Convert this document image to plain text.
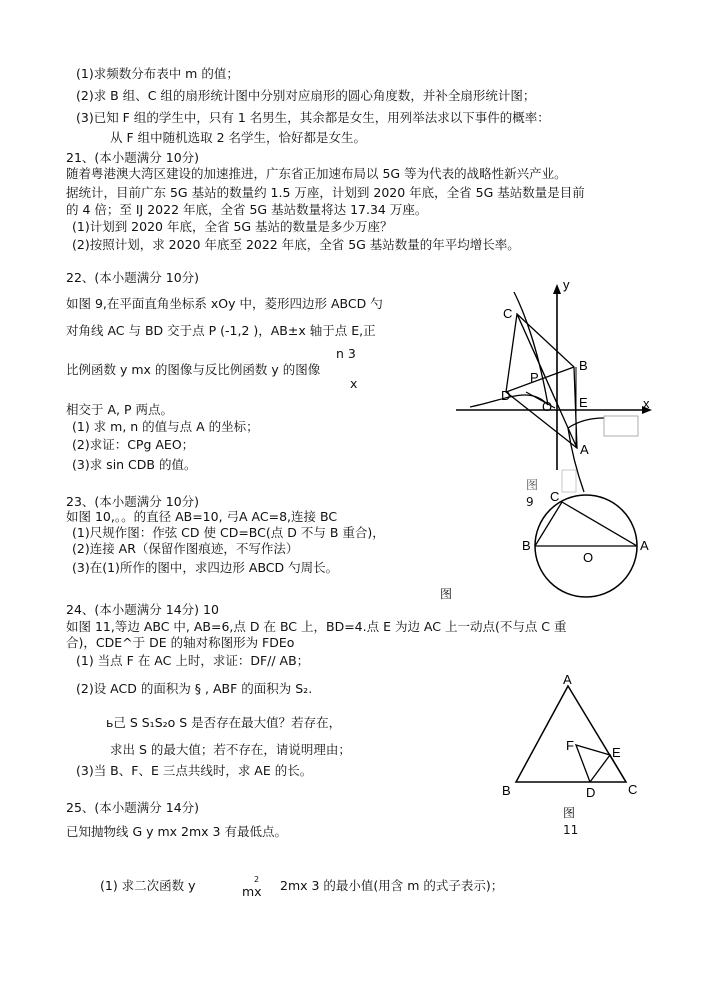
(1)求频数分布表中 m 的值；
(2)求 B 组、C 组的扇形统计图中分别对应扇形的圆心角度数，并补全扇形统计图；
(3)已知 F 组的学生中，只有 1 名男生，其余都是女生，用列举法求以下事件的概率：
从 F 组中随机选取 2 名学生，恰好都是女生。
21、(本小题满分 10分)
随着粤港澳大湾区建设的加速推进，广东省正加速布局以 5G 等为代表的战略性新兴产业。
据统计，目前广东 5G 基站的数量约 1.5 万座，计划到 2020 年底，全省 5G 基站数量是目前
的 4 倍；至 IJ 2022 年底，全省 5G 基站数量将达 17.34 万座。
(1)计划到 2020 年底，全省 5G 基站的数量是多少万座？
(2)按照计划，求 2020 年底至 2022 年底，全省 5G 基站数量的年平均增长率。
22、(本小题满分 10分)
如图 9,在平面直角坐标系 xOy 中，菱形四边形 ABCD 勺
对角线 AC 与 BD 交于点 P (-1,2 )，AB±x 轴于点 E,正
n 3
比例函数 y mx 的图像与反比例函数 y 的图像
x
相交于 A, P 两点。
(1) 求 m, n 的值与点 A 的坐标；
(2)求证：CPg AEO；
(3)求 sin CDB 的值。
y
x
C
B
P
D
O E
A
图
9
23、(本小题满分 10分)
如图 10,。。的直径 AB=10, 弓A AC=8,连接 BC
(1)尺规作图：作弦 CD 使 CD=BC(点 D 不与 B 重合)，
(2)连接 AR（保留作图痕迹，不写作法）
(3)在(1)所作的图中，求四边形 ABCD 勺周长。
C
B
O
A
图
24、(本小题满分 14分) 10
如图 11,等边 ABC 中, AB=6,点 D 在 BC 上，BD=4.点 E 为边 AC 上一动点(不与点 C 重
合)，CDE^于 DE 的轴对称图形为 FDEo
(1) 当点 F 在 AC 上时，求证：DF// AB；
(2)设 ACD 的面积为 § , ABF 的面积为 S₂.
ь己 S S₁S₂o S 是否存在最大值？若存在，
求出 S 的最大值；若不存在，请说明理由；
(3)当 B、F、E 三点共线时，求 AE 的长。
A
F	E
B	D	C
图
11
25、(本小题满分 14分)
已知抛物线 G y mx 2mx 3 有最低点。
(1) 求二次函数 y	2
mx 2mx 3 的最小值(用含 m 的式子表示)；
